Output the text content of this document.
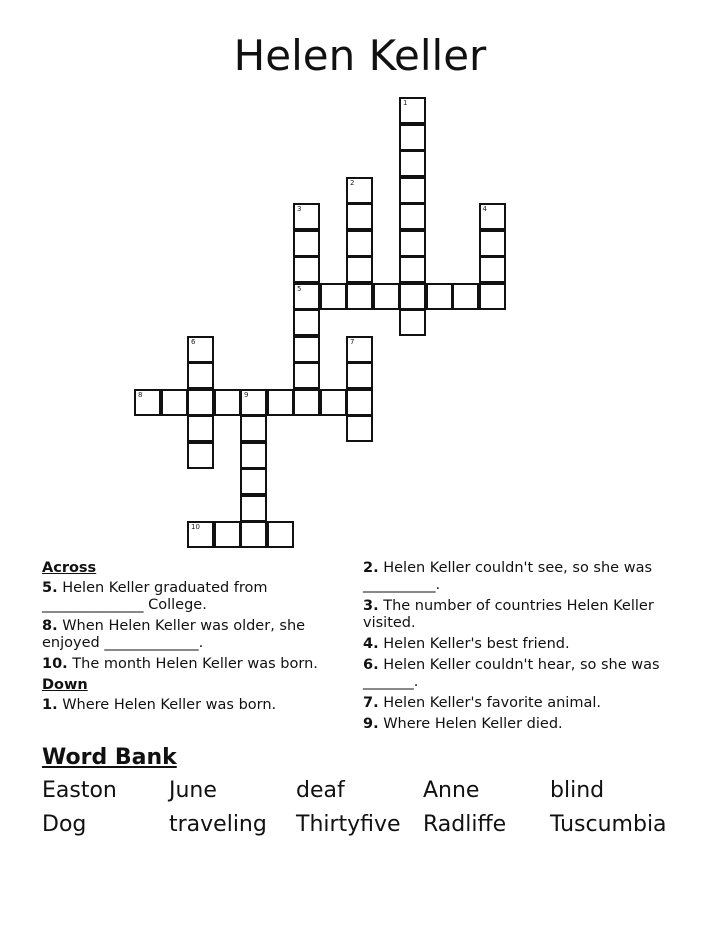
Helen Keller
1
2
3
5
4
6	7
8	9
10
Across
5. Helen Keller graduated from ______________ College.
8. When Helen Keller was older, she enjoyed _____________.
10. The month Helen Keller was born.
Down
1. Where Helen Keller was born.
2. Helen Keller couldn't see, so she was __________.
3. The number of countries Helen Keller visited.
4. Helen Keller's best friend.
6. Helen Keller couldn't hear, so she was _______.
7. Helen Keller's favorite animal.
9. Where Helen Keller died.
Word Bank
Easton	June	deaf	Anne	blind
Dog	traveling	Thirtyfive	Radliffe	Tuscumbia
